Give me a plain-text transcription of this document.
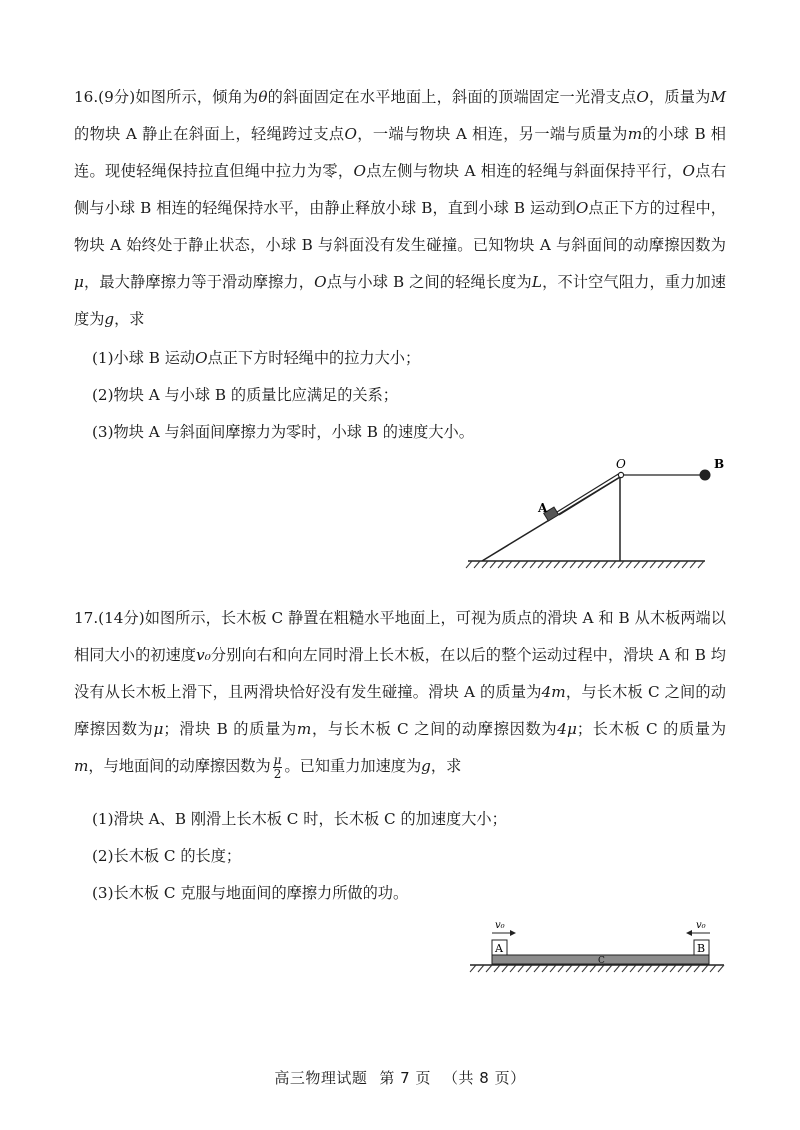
16.(9分)如图所示，倾角为θ的斜面固定在水平地面上，斜面的顶端固定一光滑支点O，质量为M的物块 A 静止在斜面上，轻绳跨过支点O，一端与物块 A 相连，另一端与质量为m的小球 B 相连。现使轻绳保持拉直但绳中拉力为零，O点左侧与物块 A 相连的轻绳与斜面保持平行，O点右侧与小球 B 相连的轻绳保持水平，由静止释放小球 B，直到小球 B 运动到O点正下方的过程中，物块 A 始终处于静止状态，小球 B 与斜面没有发生碰撞。已知物块 A 与斜面间的动摩擦因数为μ，最大静摩擦力等于滑动摩擦力，O点与小球 B 之间的轻绳长度为L，不计空气阻力，重力加速度为g，求

(1)小球 B 运动O点正下方时轻绳中的拉力大小；

(2)物块 A 与小球 B 的质量比应满足的关系；

(3)物块 A 与斜面间摩擦力为零时，小球 B 的速度大小。

O	B
A

17.(14分)如图所示，长木板 C 静置在粗糙水平地面上，可视为质点的滑块 A 和 B 从木板两端以相同大小的初速度v₀分别向右和向左同时滑上长木板，在以后的整个运动过程中，滑块 A 和 B 均没有从长木板上滑下，且两滑块恰好没有发生碰撞。滑块 A 的质量为4m，与长木板 C 之间的动摩擦因数为μ；滑块 B 的质量为m，与长木板 C 之间的动摩擦因数为4μ；长木板 C 的质量为m，与地面间的动摩擦因数为 $\frac{\mu}{2}$ 。已知重力加速度为g，求

(1)滑块 A、B 刚滑上长木板 C 时，长木板 C 的加速度大小；

(2)长木板 C 的长度；

(3)长木板 C 克服与地面间的摩擦力所做的功。

v₀	v₀
A	B
C
高三物理试题 第 7 页 （共 8 页）
